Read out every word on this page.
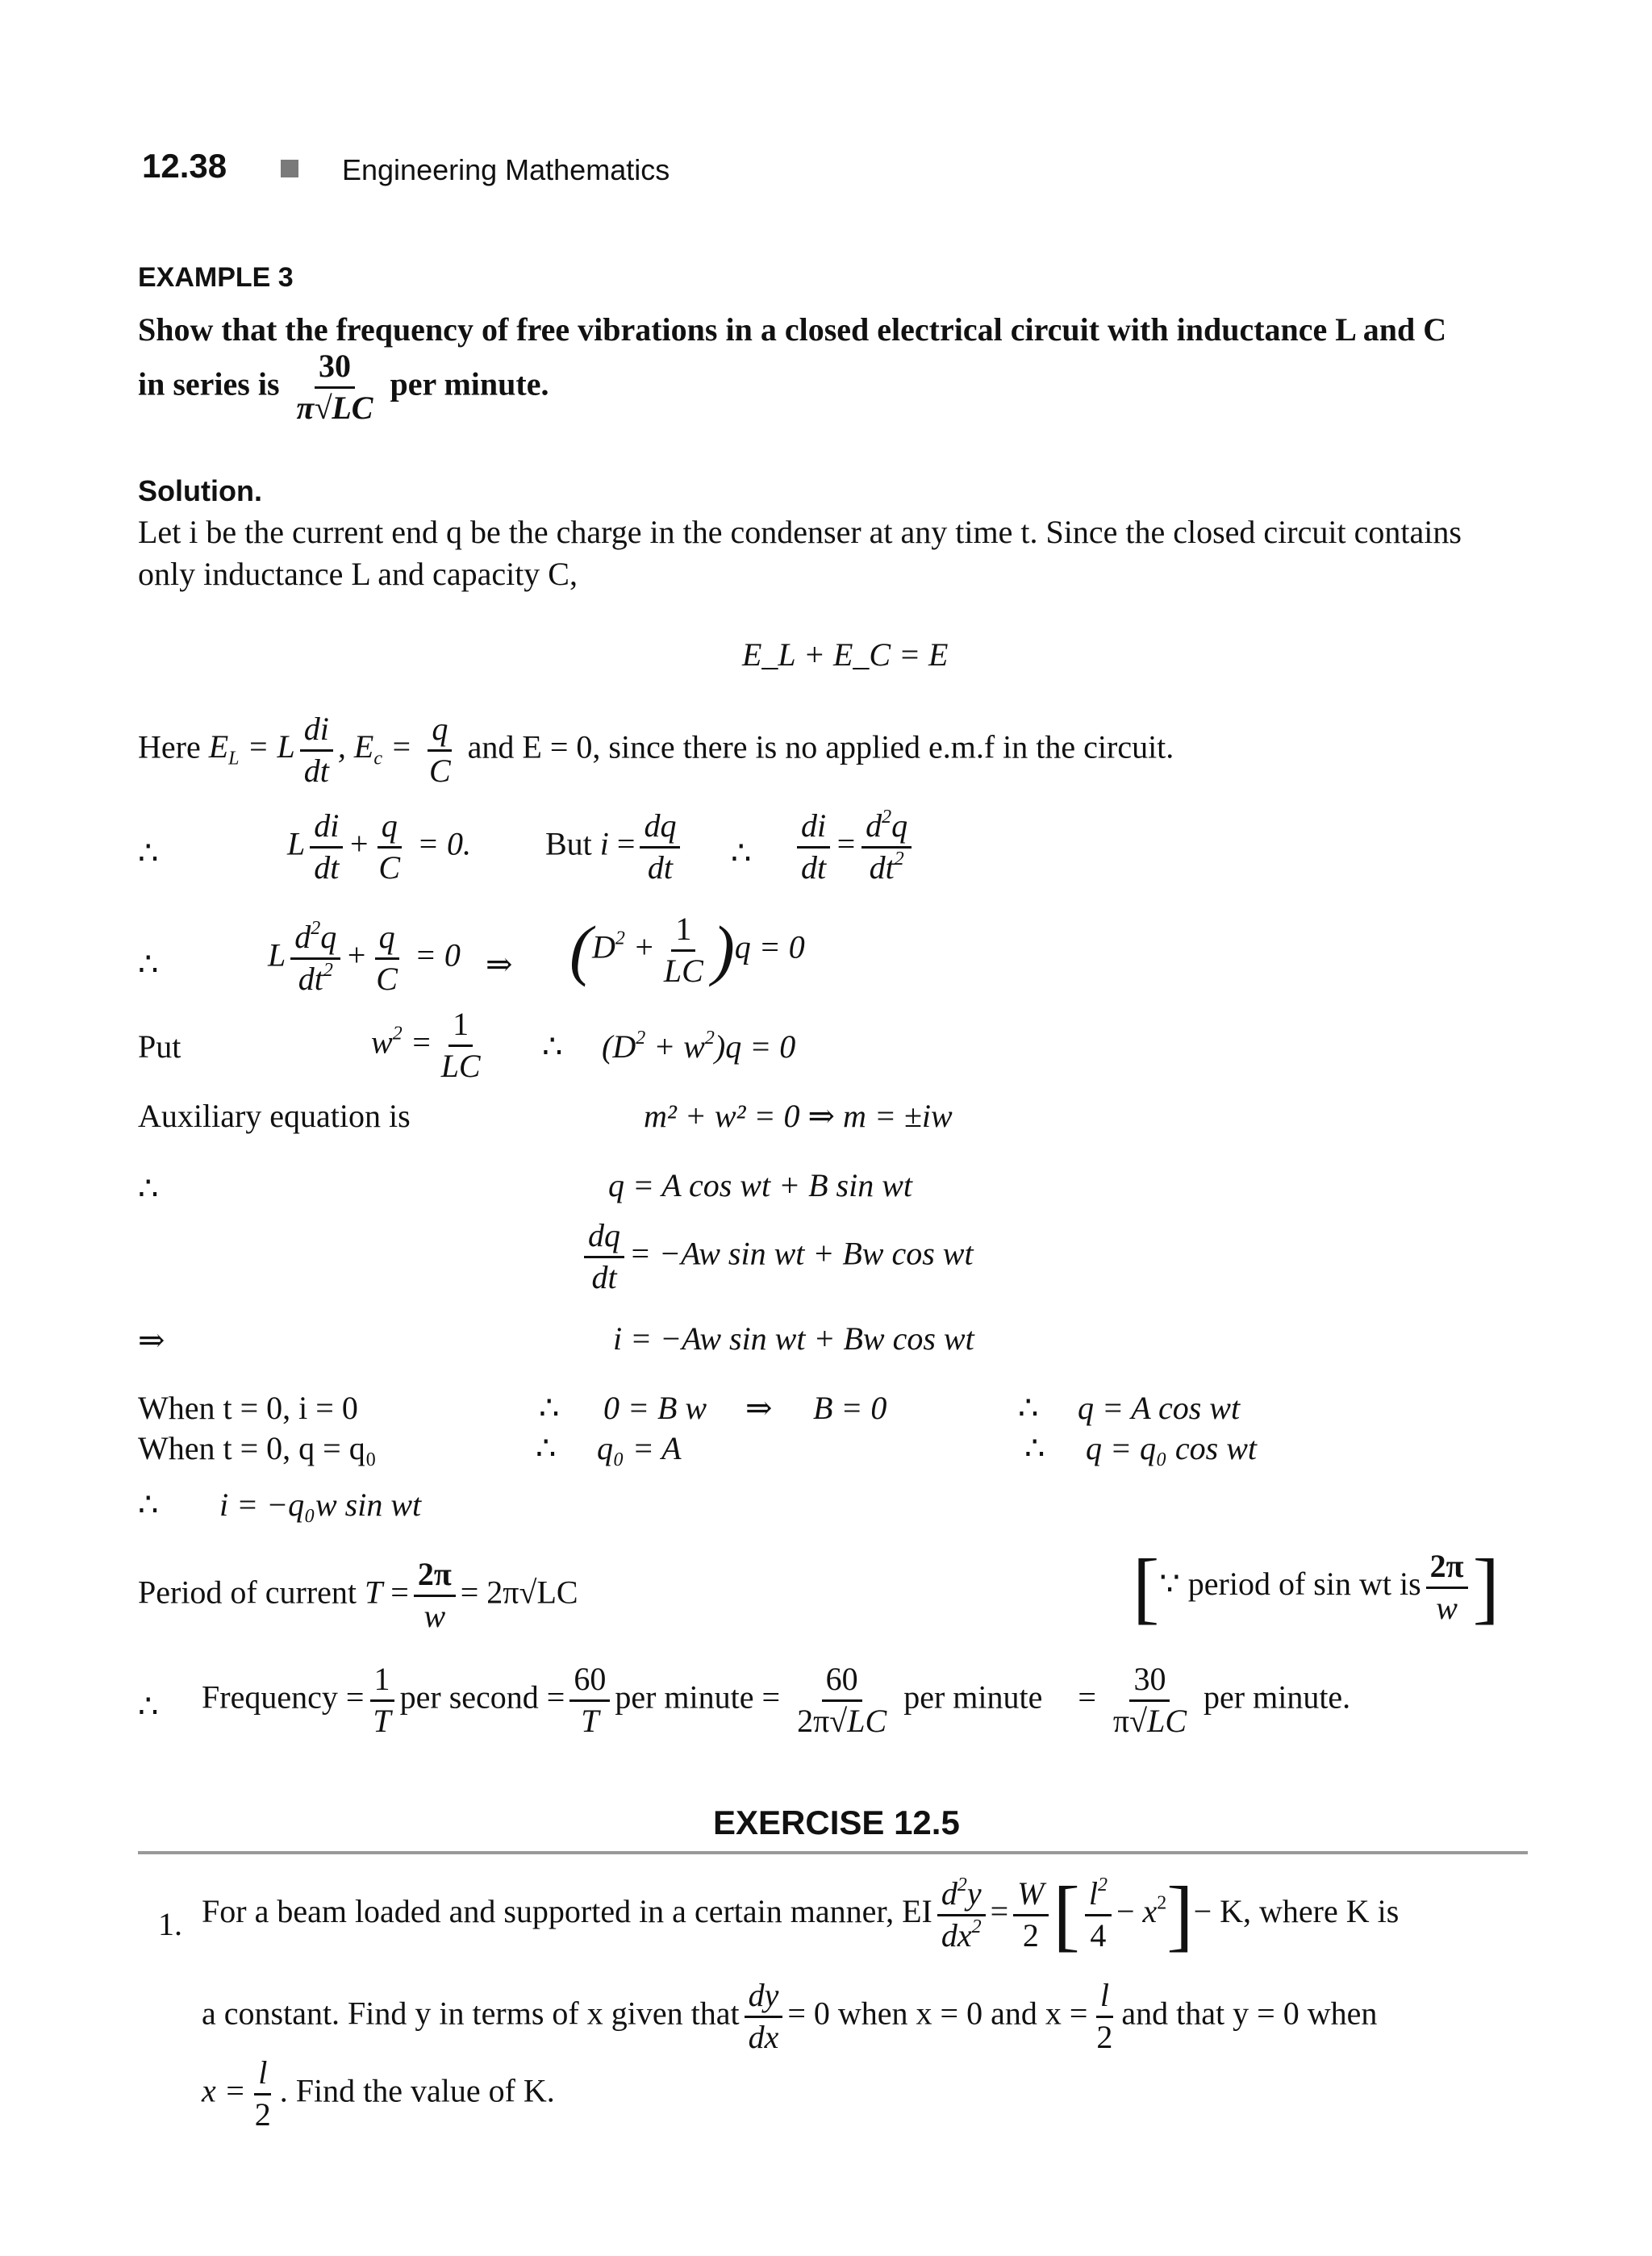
12.38	Engineering Mathematics
EXAMPLE 3
Show that the frequency of free vibrations in a closed electrical circuit with inductance L and C
in series is $\frac{30}{\pi√LC}$ per minute.
Solution.
Let i be the current end q be the charge in the condenser at any time t. Since the closed circuit contains
only inductance L and capacity C,
E_L + E_C = E
Here $E_L = L \frac{di}{dt}$ , $E_c = \frac{q}{C}$ and E = 0, since there is no applied e.m.f in the circuit.
∴	L $\frac{di}{dt} + \frac{q}{C} = 0$. But $i = \frac{dq}{dt}$ ∴ $\frac{di}{dt} = \frac{d^2q}{dt^2}$
∴	L $\frac{d^2q}{dt^2} + \frac{q}{C} = 0$ ⇒ $(D^2 + \frac{1}{LC} )q = 0$
Put	$w^2 = \frac{1}{LC}$ ∴ $(D^2 + w^2)q = 0$
Auxiliary equation is	m² + w² = 0 ⇒ m = ±iw
∴	q = A cos wt + B sin wt
$\frac{dq}{dt} = -Aw$ sin wt + Bw cos wt
⇒	i = −Aw sin wt + Bw cos wt
When t = 0, i = 0	∴ 0 = B w ⇒ B = 0	∴ q = A cos wt
When t = 0, q = q₀	∴ q₀ = A	∴ q = q₀ cos wt
∴ i = −q₀w sin wt
Period of current $T = \frac{2\pi}{w} = 2\pi√LC$	[∵ period of sin wt is $\frac{2\pi}{w}$ ]
∴ Frequency = $\frac{1}{T}$ per second = $\frac{60}{T}$ per minute = $\frac{60}{2\pi√LC}$ per minute = $\frac{30}{\pi√LC}$ per minute.
EXERCISE 12.5
1. For a beam loaded and supported in a certain manner, EI $\frac{d^2y}{dx^2} = \frac{W}{2}$ [ $\frac{l^2}{4} - x^2]- K$, where K is
a constant. Find y in terms of x given that $\frac{dy}{dx} = 0$ when x = 0 and $x = \frac{l}{2}$ and that y = 0 when
$x = \frac{l}{2}$ . Find the value of K.
